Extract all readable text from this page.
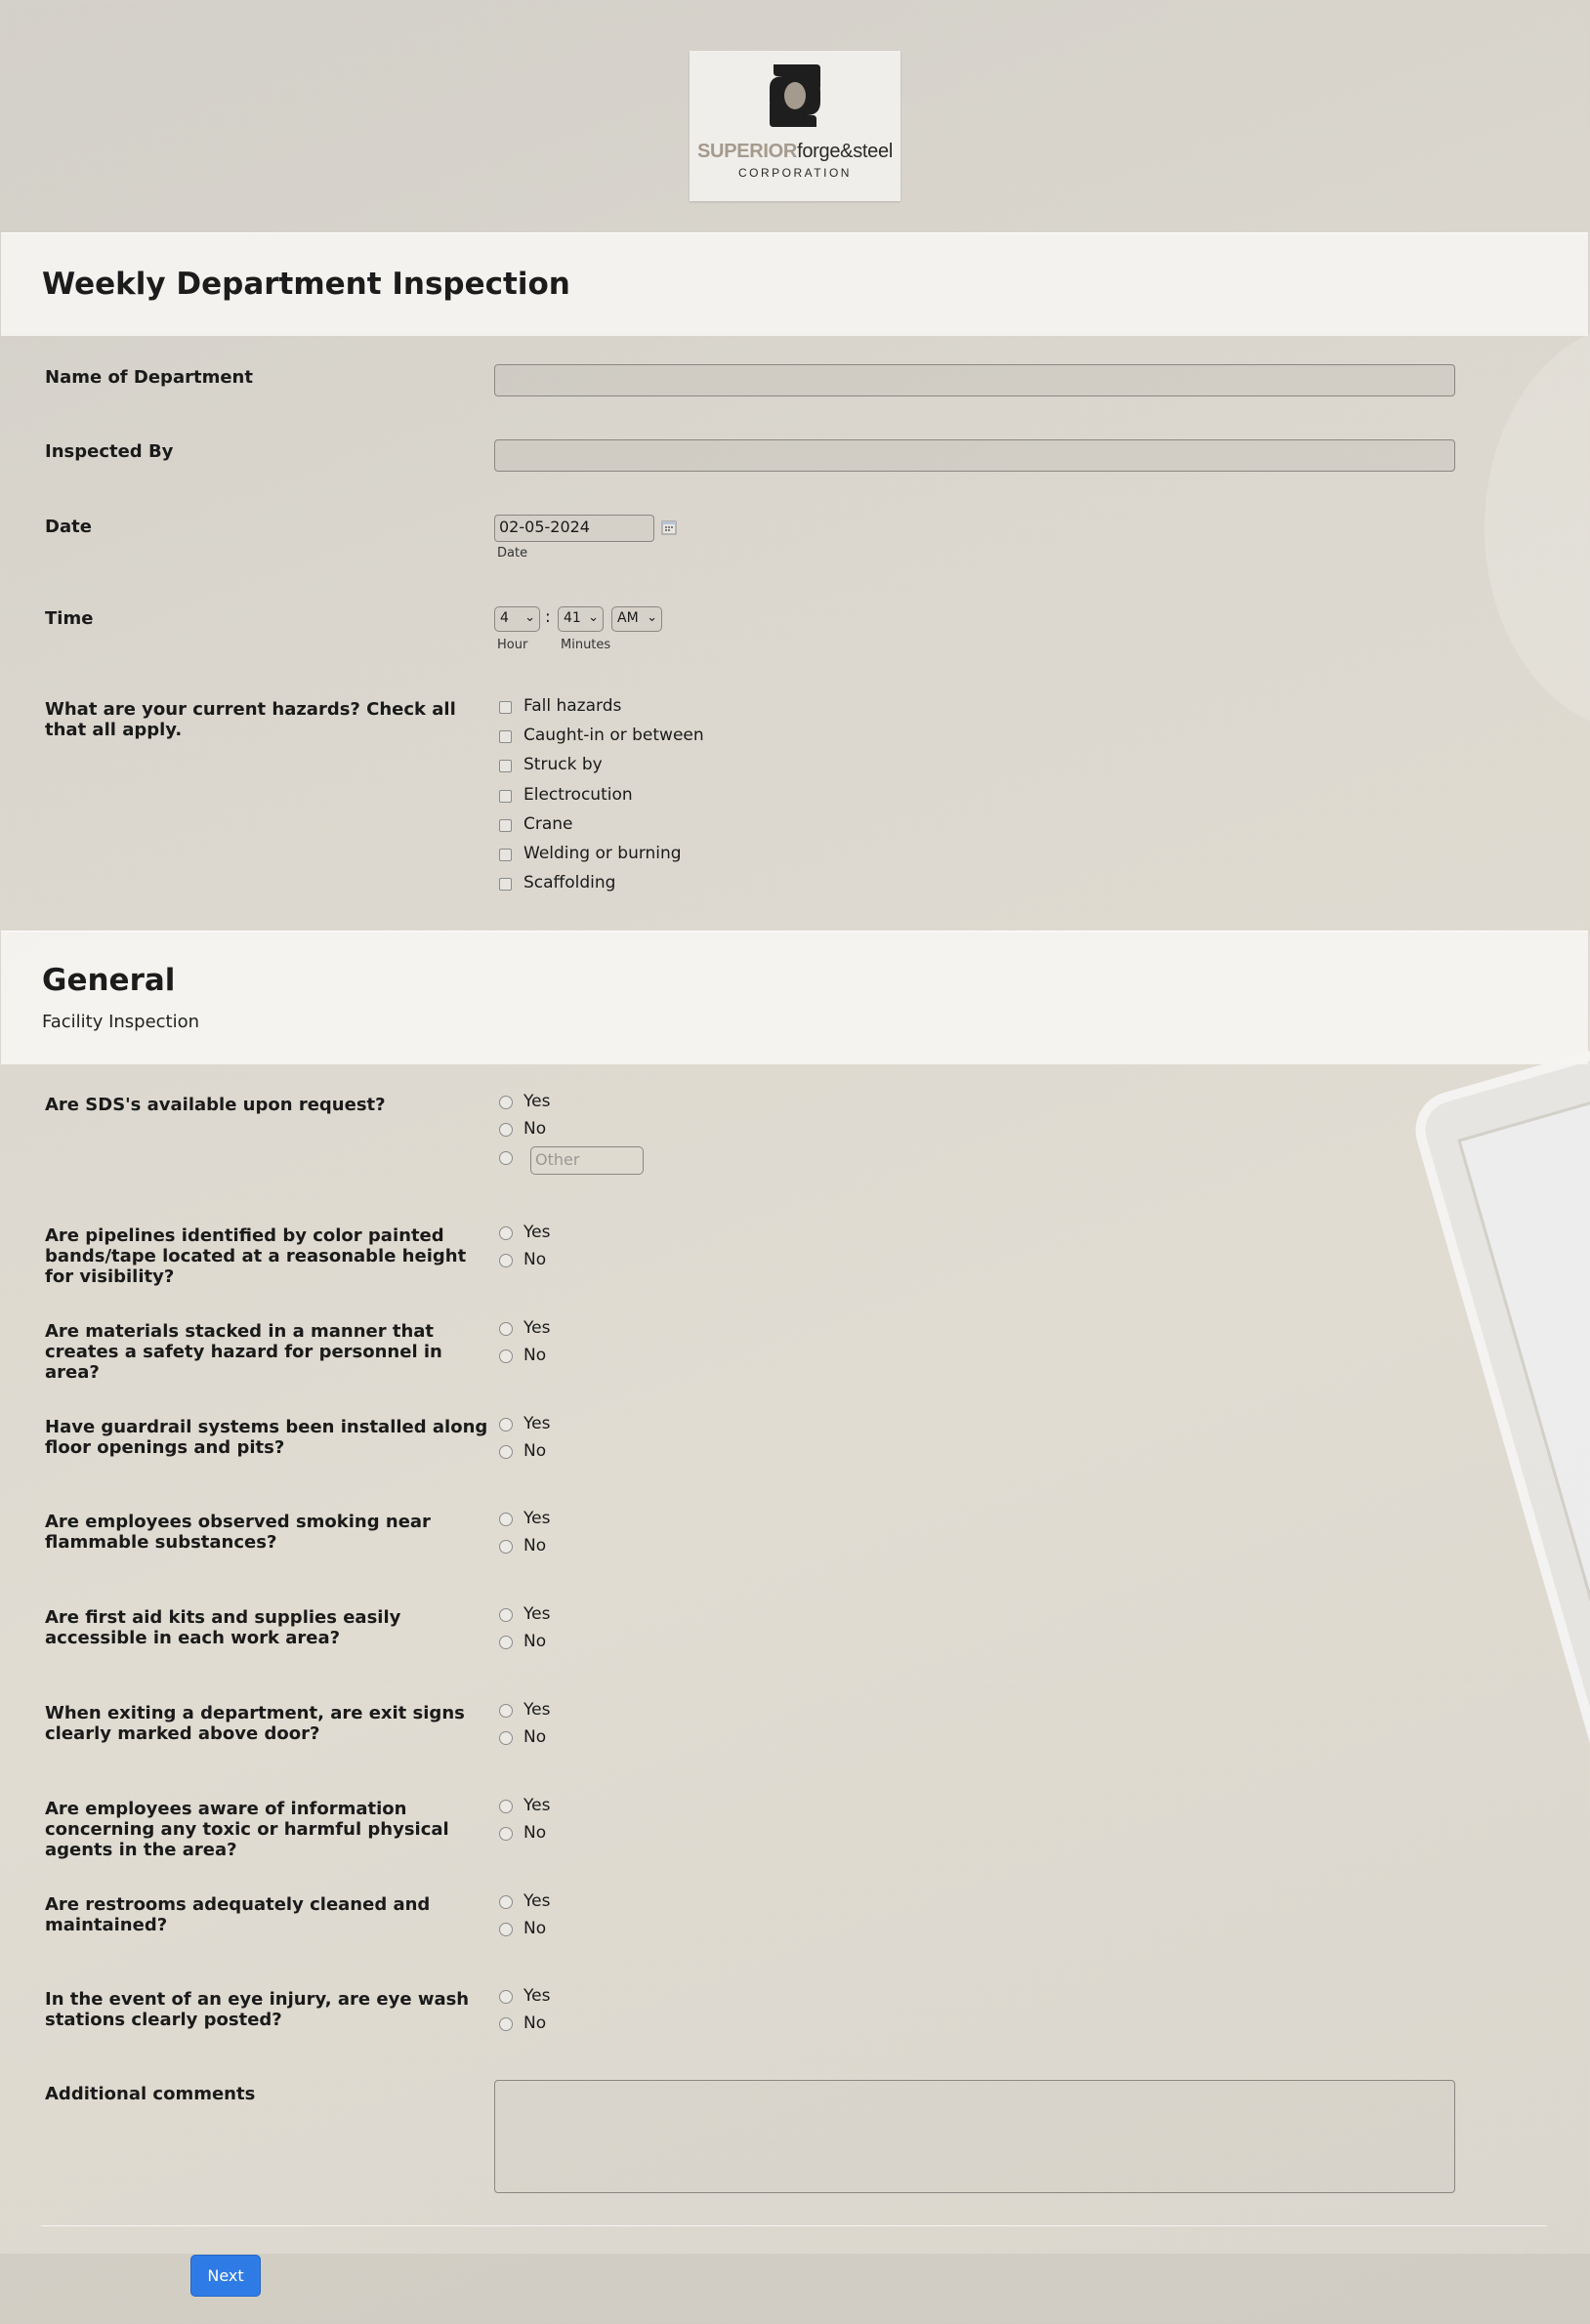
SUPERIORforge&steel
CORPORATION
Weekly Department Inspection
Name of Department
Inspected By
Date	02-05-2024
Date
Time	4 ⌄ : 41 ⌄	AM ⌄
Hour	Minutes
What are your current hazards? Check all that all apply.
Fall hazards
Caught-in or between
Struck by
Electrocution
Crane
Welding or burning
Scaffolding
General
Facility Inspection
Are SDS's available upon request?	Yes
No
Other
Are pipelines identified by color painted bands/tape located at a reasonable height for visibility?
Yes
No
Are materials stacked in a manner that creates a safety hazard for personnel in area?
Yes
No
Have guardrail systems been installed along floor openings and pits?
Yes
No
Are employees observed smoking near flammable substances?
Yes
No
Are first aid kits and supplies easily accessible in each work area?
Yes
No
When exiting a department, are exit signs clearly marked above door?
Yes
No
Are employees aware of information concerning any toxic or harmful physical agents in the area?
Yes
No
Are restrooms adequately cleaned and maintained?
Yes
No
In the event of an eye injury, are eye wash stations clearly posted?
Yes
No
Additional comments
Next
